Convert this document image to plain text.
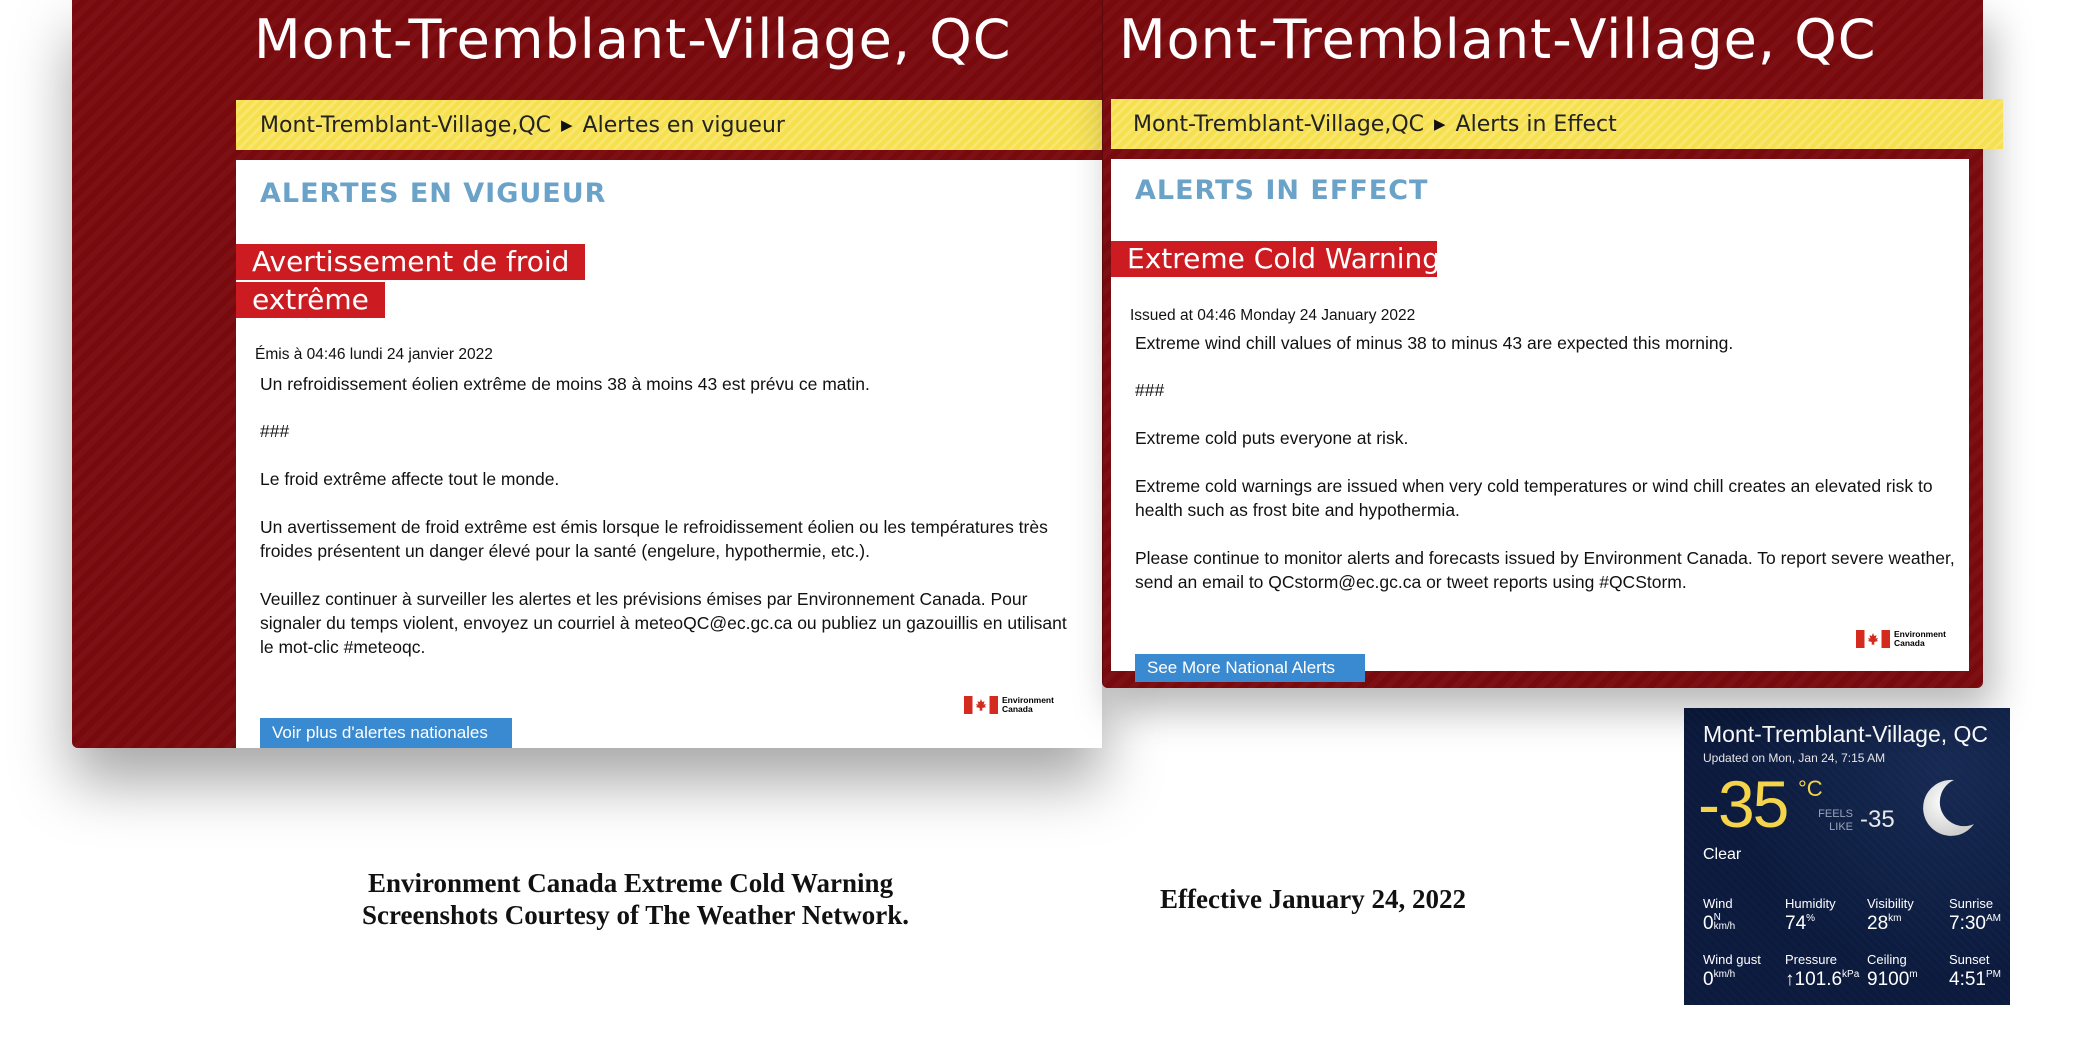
Mont-Tremblant-Village, QC
Mont-Tremblant-Village,QC ▶ Alertes en vigueur
ALERTES EN VIGUEUR
Avertissement de froid
extrême
Émis à 04:46 lundi 24 janvier 2022
Un refroidissement éolien extrême de moins 38 à moins 43 est prévu ce matin.
###
Le froid extrême affecte tout le monde.
Un avertissement de froid extrême est émis lorsque le refroidissement éolien ou les températures très froides présentent un danger élevé pour la santé (engelure, hypothermie, etc.).
Veuillez continuer à surveiller les alertes et les prévisions émises par Environnement Canada. Pour signaler du temps violent, envoyez un courriel à meteoQC@ec.gc.ca ou publiez un gazouillis en utilisant le mot-clic #meteoqc.
Environment
Canada
Voir plus d'alertes nationales
Mont-Tremblant-Village, QC
Mont-Tremblant-Village,QC ▶ Alerts in Effect
ALERTS IN EFFECT
Extreme Cold Warning
Issued at 04:46 Monday 24 January 2022
Extreme wind chill values of minus 38 to minus 43 are expected this morning.
###
Extreme cold puts everyone at risk.
Extreme cold warnings are issued when very cold temperatures or wind chill creates an elevated risk to health such as frost bite and hypothermia.
Please continue to monitor alerts and forecasts issued by Environment Canada. To report severe weather, send an email to QCstorm@ec.gc.ca or tweet reports using #QCStorm.
Environment
Canada
See More National Alerts
Environment Canada Extreme Cold Warning
Screenshots Courtesy of The Weather Network.
Effective January 24, 2022
Mont-Tremblant-Village, QC
Updated on Mon, Jan 24, 7:15 AM
-35 °C
FEELS
LIKE -35
Clear
Wind
0 N
km/h
Humidity
74%
Visibility
$28^{km}$
Sunrise
$7:30^{AM}$
Wind gust
$0^{km/h}$
Pressure
$↑101.6^{kPa}$
Ceiling
9100$^m$
Sunset
$4:51^{PM}$
